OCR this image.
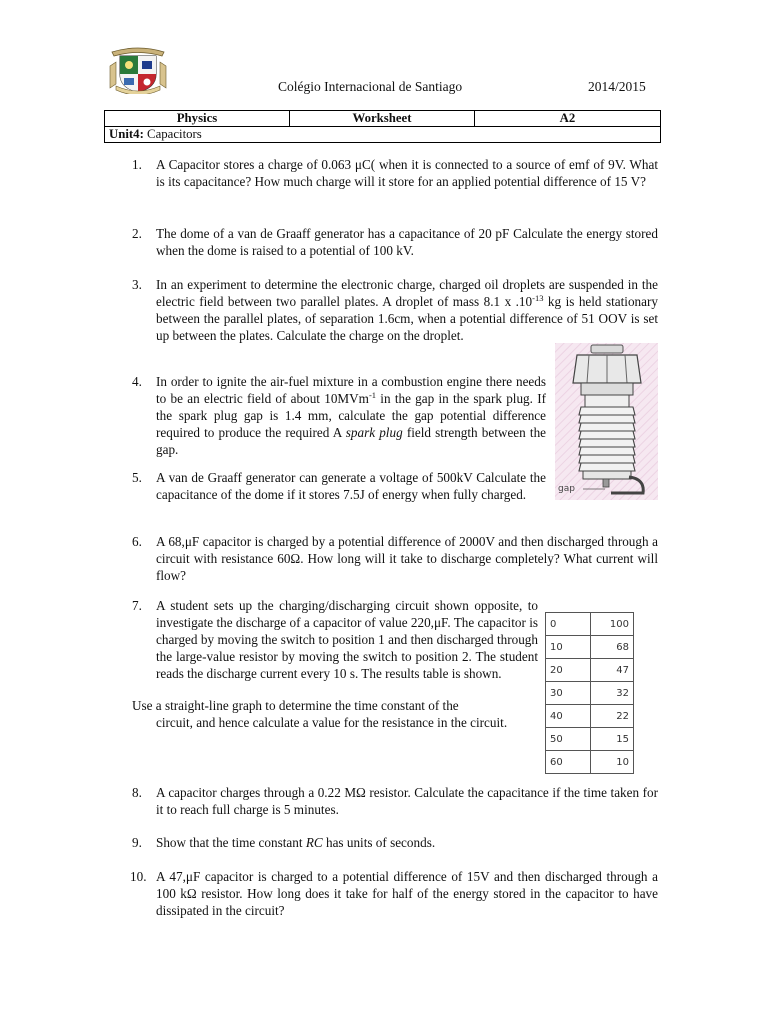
Colégio Internacional de Santiago	2014/2015
Physics	Worksheet	A2
Unit4: Capacitors
1. A Capacitor stores a charge of 0.063 μC( when it is connected to a source of emf of 9V. What is its capacitance? How much charge will it store for an applied potential difference of 15 V?
2. The dome of a van de Graaff generator has a capacitance of 20 pF Calculate the energy stored when the dome is raised to a potential of 100 kV.
3. In an experiment to determine the electronic charge, charged oil droplets are suspended in the electric field between two parallel plates. A droplet of mass 8.1 x $.10^{-13}$ kg is held stationary between the parallel plates, of separation 1.6cm, when a potential difference of 51 OOV is set up between the plates. Calculate the charge on the droplet.
gap
4. In order to ignite the air-fuel mixture in a combustion engine there needs to be an electric field of about 10MVm$^{-1}$ in the gap in the spark plug. If the spark plug gap is 1.4 mm, calculate the gap potential difference required to produce the required A spark plug field strength between the gap.
5. A van de Graaff generator can generate a voltage of 500kV Calculate the capacitance of the dome if it stores 7.5J of energy when fully charged.
6. A 68,μF capacitor is charged by a potential difference of 2000V and then discharged through a circuit with resistance 60Ω. How long will it take to discharge completely? What current will flow?
7. A student sets up the charging/discharging circuit shown opposite, to investigate the discharge of a capacitor of value 220,μF. The capacitor is charged by moving the switch to position 1 and then discharged through the large-value resistor by moving the switch to position 2. The student reads the discharge current every 10 s. The results table is shown.
Use a straight-line graph to determine the time constant of the
circuit, and hence calculate a value for the resistance in the circuit.
0	100
10	68
20	47
30	32
40	22
50	15
60	10
8. A capacitor charges through a 0.22 MΩ resistor. Calculate the capacitance if the time taken for it to reach full charge is 5 minutes.
9. Show that the time constant RC has units of seconds.
10. A 47,μF capacitor is charged to a potential difference of 15V and then discharged through a 100 kΩ resistor. How long does it take for half of the energy stored in the capacitor to have dissipated in the circuit?
